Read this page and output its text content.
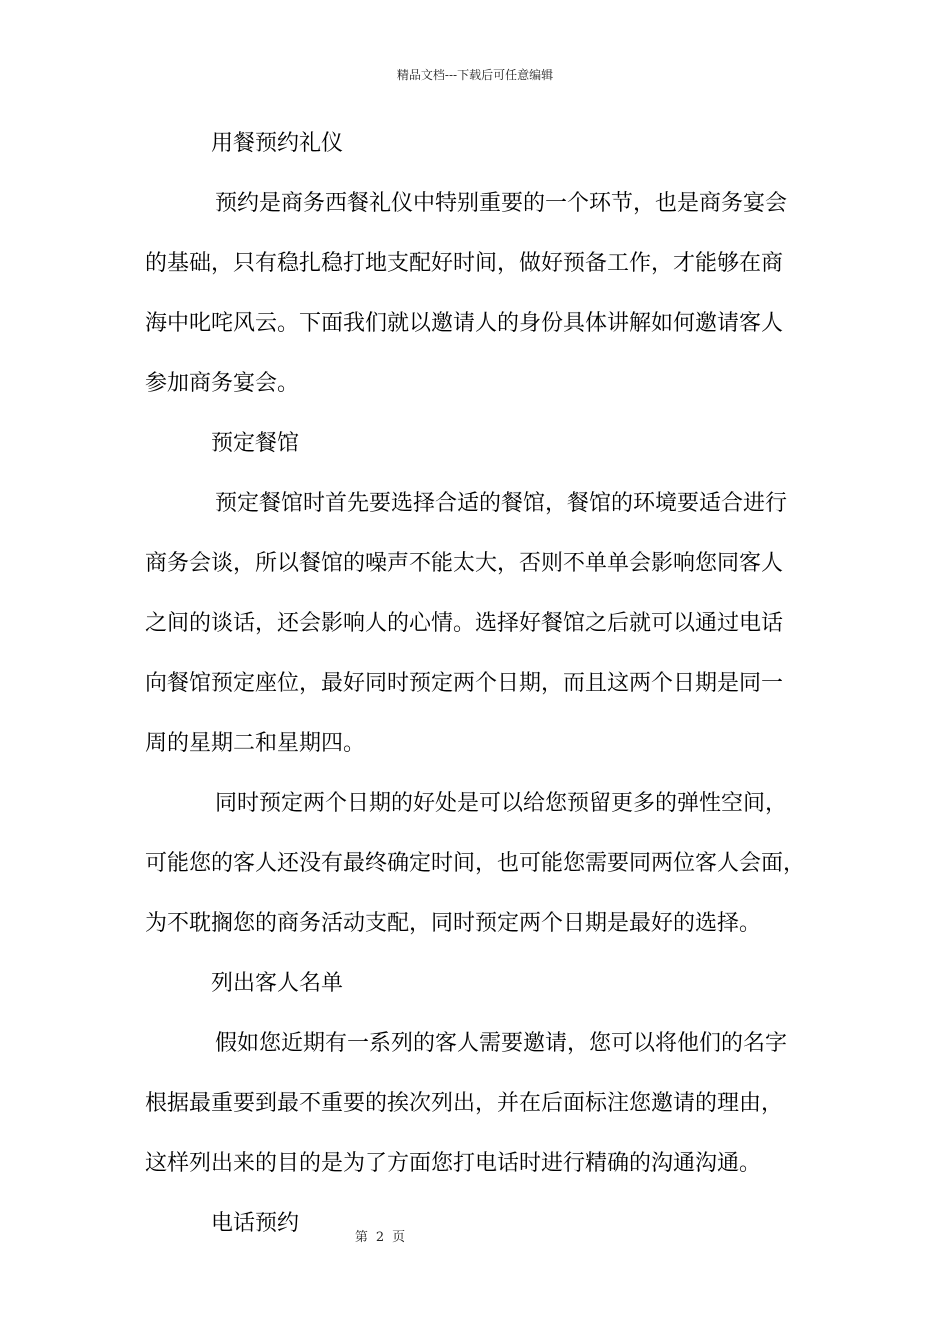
精品文档---下载后可任意编辑
用餐预约礼仪
预约是商务西餐礼仪中特别重要的一个环节，也是商务宴会
的基础，只有稳扎稳打地支配好时间，做好预备工作，才能够在商
海中叱咤风云。下面我们就以邀请人的身份具体讲解如何邀请客人
参加商务宴会。
预定餐馆
预定餐馆时首先要选择合适的餐馆，餐馆的环境要适合进行
商务会谈，所以餐馆的噪声不能太大，否则不单单会影响您同客人
之间的谈话，还会影响人的心情。选择好餐馆之后就可以通过电话
向餐馆预定座位，最好同时预定两个日期，而且这两个日期是同一
周的星期二和星期四。
同时预定两个日期的好处是可以给您预留更多的弹性空间，
可能您的客人还没有最终确定时间，也可能您需要同两位客人会面，
为不耽搁您的商务活动支配，同时预定两个日期是最好的选择。
列出客人名单
假如您近期有一系列的客人需要邀请，您可以将他们的名字
根据最重要到最不重要的挨次列出，并在后面标注您邀请的理由，
这样列出来的目的是为了方面您打电话时进行精确的沟通沟通。
电话预约
第 2 页
